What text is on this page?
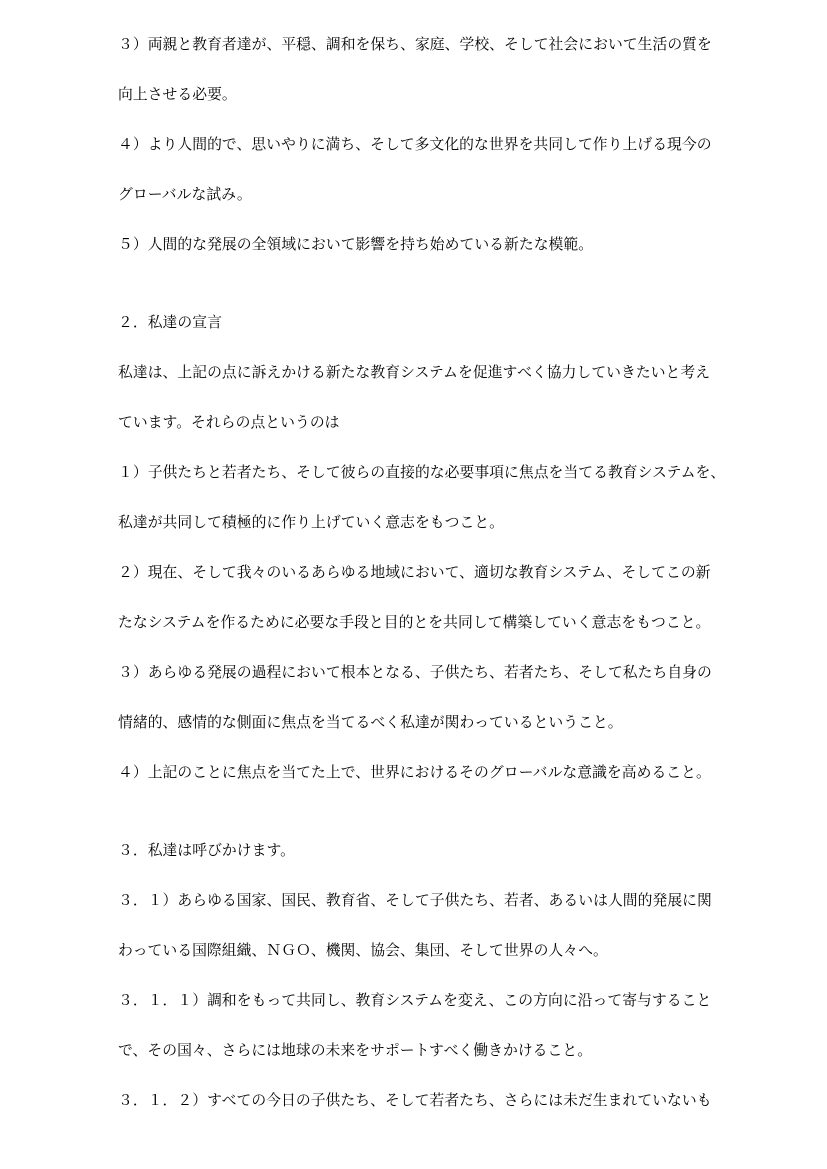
３）両親と教育者達が、平穏、調和を保ち、家庭、学校、そして社会において生活の質を
向上させる必要。
４）より人間的で、思いやりに満ち、そして多文化的な世界を共同して作り上げる現今の
グローバルな試み。
５）人間的な発展の全領域において影響を持ち始めている新たな模範。
２．私達の宣言
私達は、上記の点に訴えかける新たな教育システムを促進すべく協力していきたいと考え
ています。それらの点というのは
１）子供たちと若者たち、そして彼らの直接的な必要事項に焦点を当てる教育システムを、
私達が共同して積極的に作り上げていく意志をもつこと。
２）現在、そして我々のいるあらゆる地域において、適切な教育システム、そしてこの新
たなシステムを作るために必要な手段と目的とを共同して構築していく意志をもつこと。
３）あらゆる発展の過程において根本となる、子供たち、若者たち、そして私たち自身の
情緒的、感情的な側面に焦点を当てるべく私達が関わっているということ。
４）上記のことに焦点を当てた上で、世界におけるそのグローバルな意識を高めること。
３．私達は呼びかけます。
３．１）あらゆる国家、国民、教育省、そして子供たち、若者、あるいは人間的発展に関
わっている国際組織、ＮＧＯ、機関、協会、集団、そして世界の人々へ。
３．１．１）調和をもって共同し、教育システムを変え、この方向に沿って寄与すること
で、その国々、さらには地球の未来をサポートすべく働きかけること。
３．１．２）すべての今日の子供たち、そして若者たち、さらには未だ生まれていないも
